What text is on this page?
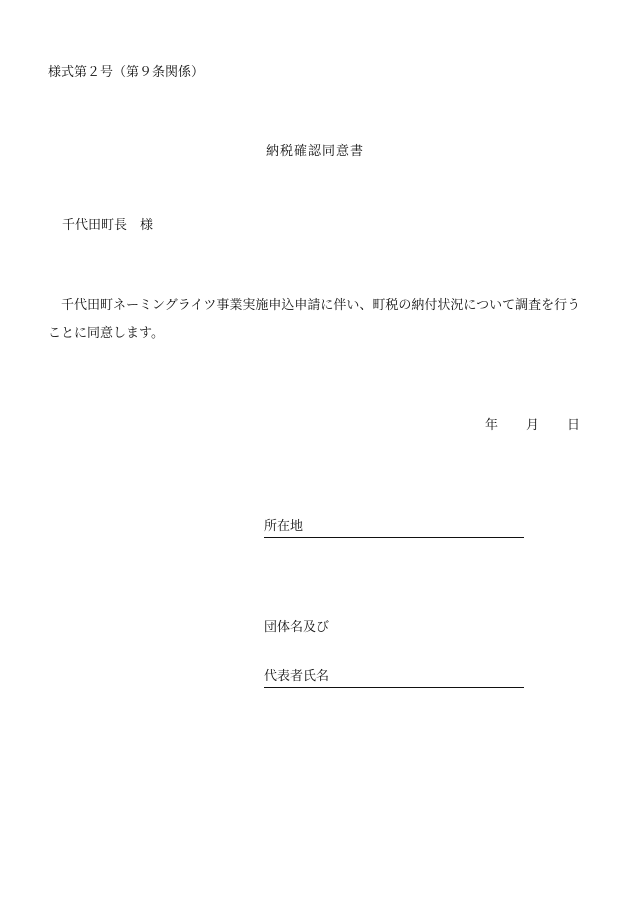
様式第２号（第９条関係）
納税確認同意書
千代田町長　様
千代田町ネーミングライツ事業実施申込申請に伴い、町税の納付状況について調査を行うことに同意します。
年 月 日
所在地
団体名及び
代表者氏名
